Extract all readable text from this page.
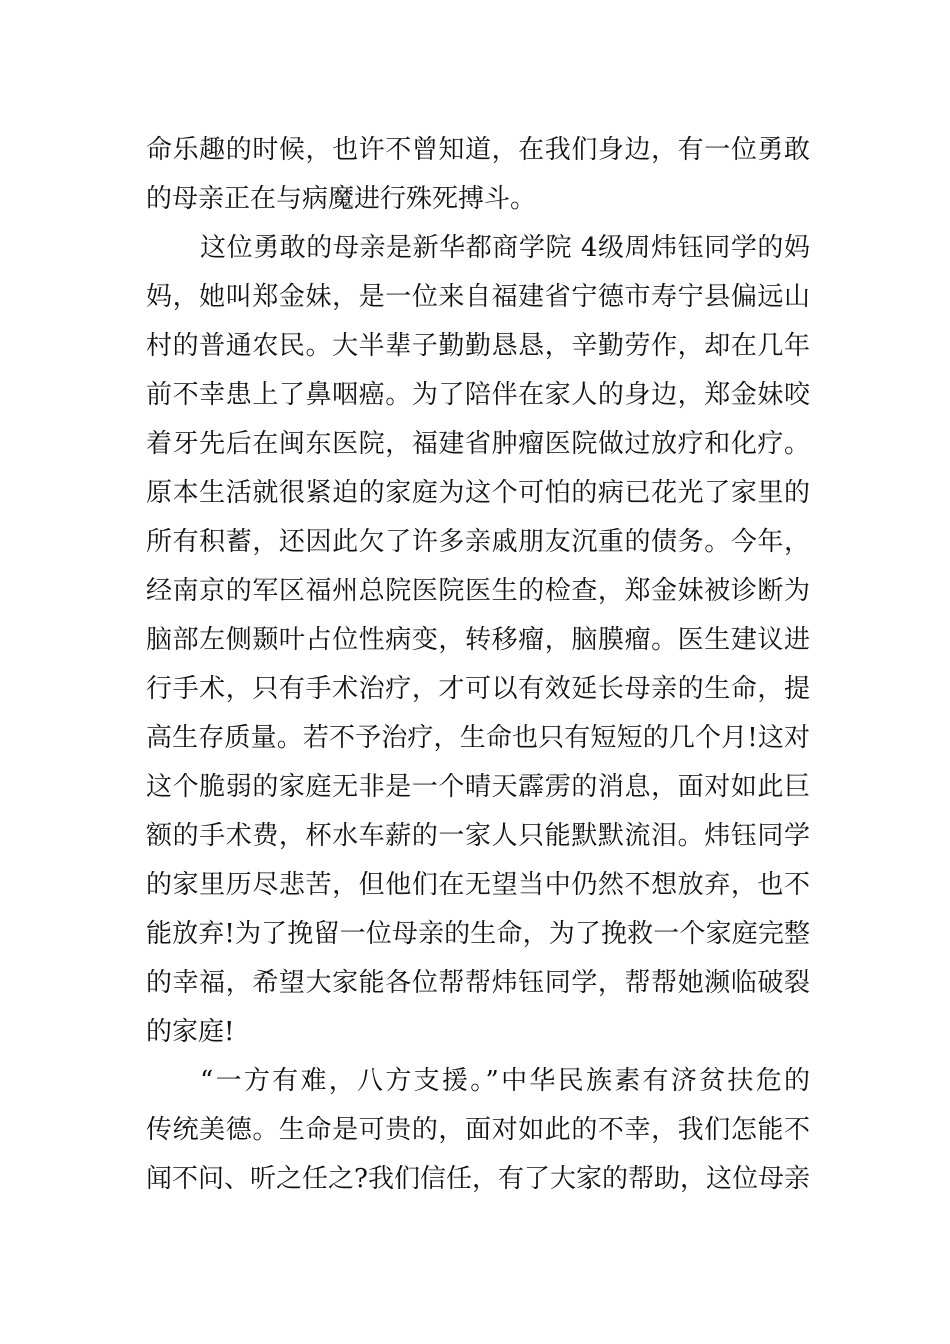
命乐趣的时候，也许不曾知道，在我们身边，有一位勇敢
的母亲正在与病魔进行殊死搏斗。
这位勇敢的母亲是新华都商学院 4级周炜钰同学的妈
妈，她叫郑金妹，是一位来自福建省宁德市寿宁县偏远山
村的普通农民。大半辈子勤勤恳恳，辛勤劳作，却在几年
前不幸患上了鼻咽癌。为了陪伴在家人的身边，郑金妹咬
着牙先后在闽东医院，福建省肿瘤医院做过放疗和化疗。
原本生活就很紧迫的家庭为这个可怕的病已花光了家里的
所有积蓄，还因此欠了许多亲戚朋友沉重的债务。今年，
经南京的军区福州总院医院医生的检查，郑金妹被诊断为
脑部左侧颞叶占位性病变，转移瘤，脑膜瘤。医生建议进
行手术，只有手术治疗，才可以有效延长母亲的生命，提
高生存质量。若不予治疗，生命也只有短短的几个月!这对
这个脆弱的家庭无非是一个晴天霹雳的消息，面对如此巨
额的手术费，杯水车薪的一家人只能默默流泪。炜钰同学
的家里历尽悲苦，但他们在无望当中仍然不想放弃，也不
能放弃!为了挽留一位母亲的生命，为了挽救一个家庭完整
的幸福，希望大家能各位帮帮炜钰同学，帮帮她濒临破裂
的家庭!
“一方有难，八方支援。”中华民族素有济贫扶危的
传统美德。生命是可贵的，面对如此的不幸，我们怎能不
闻不问、听之任之?我们信任，有了大家的帮助，这位母亲
